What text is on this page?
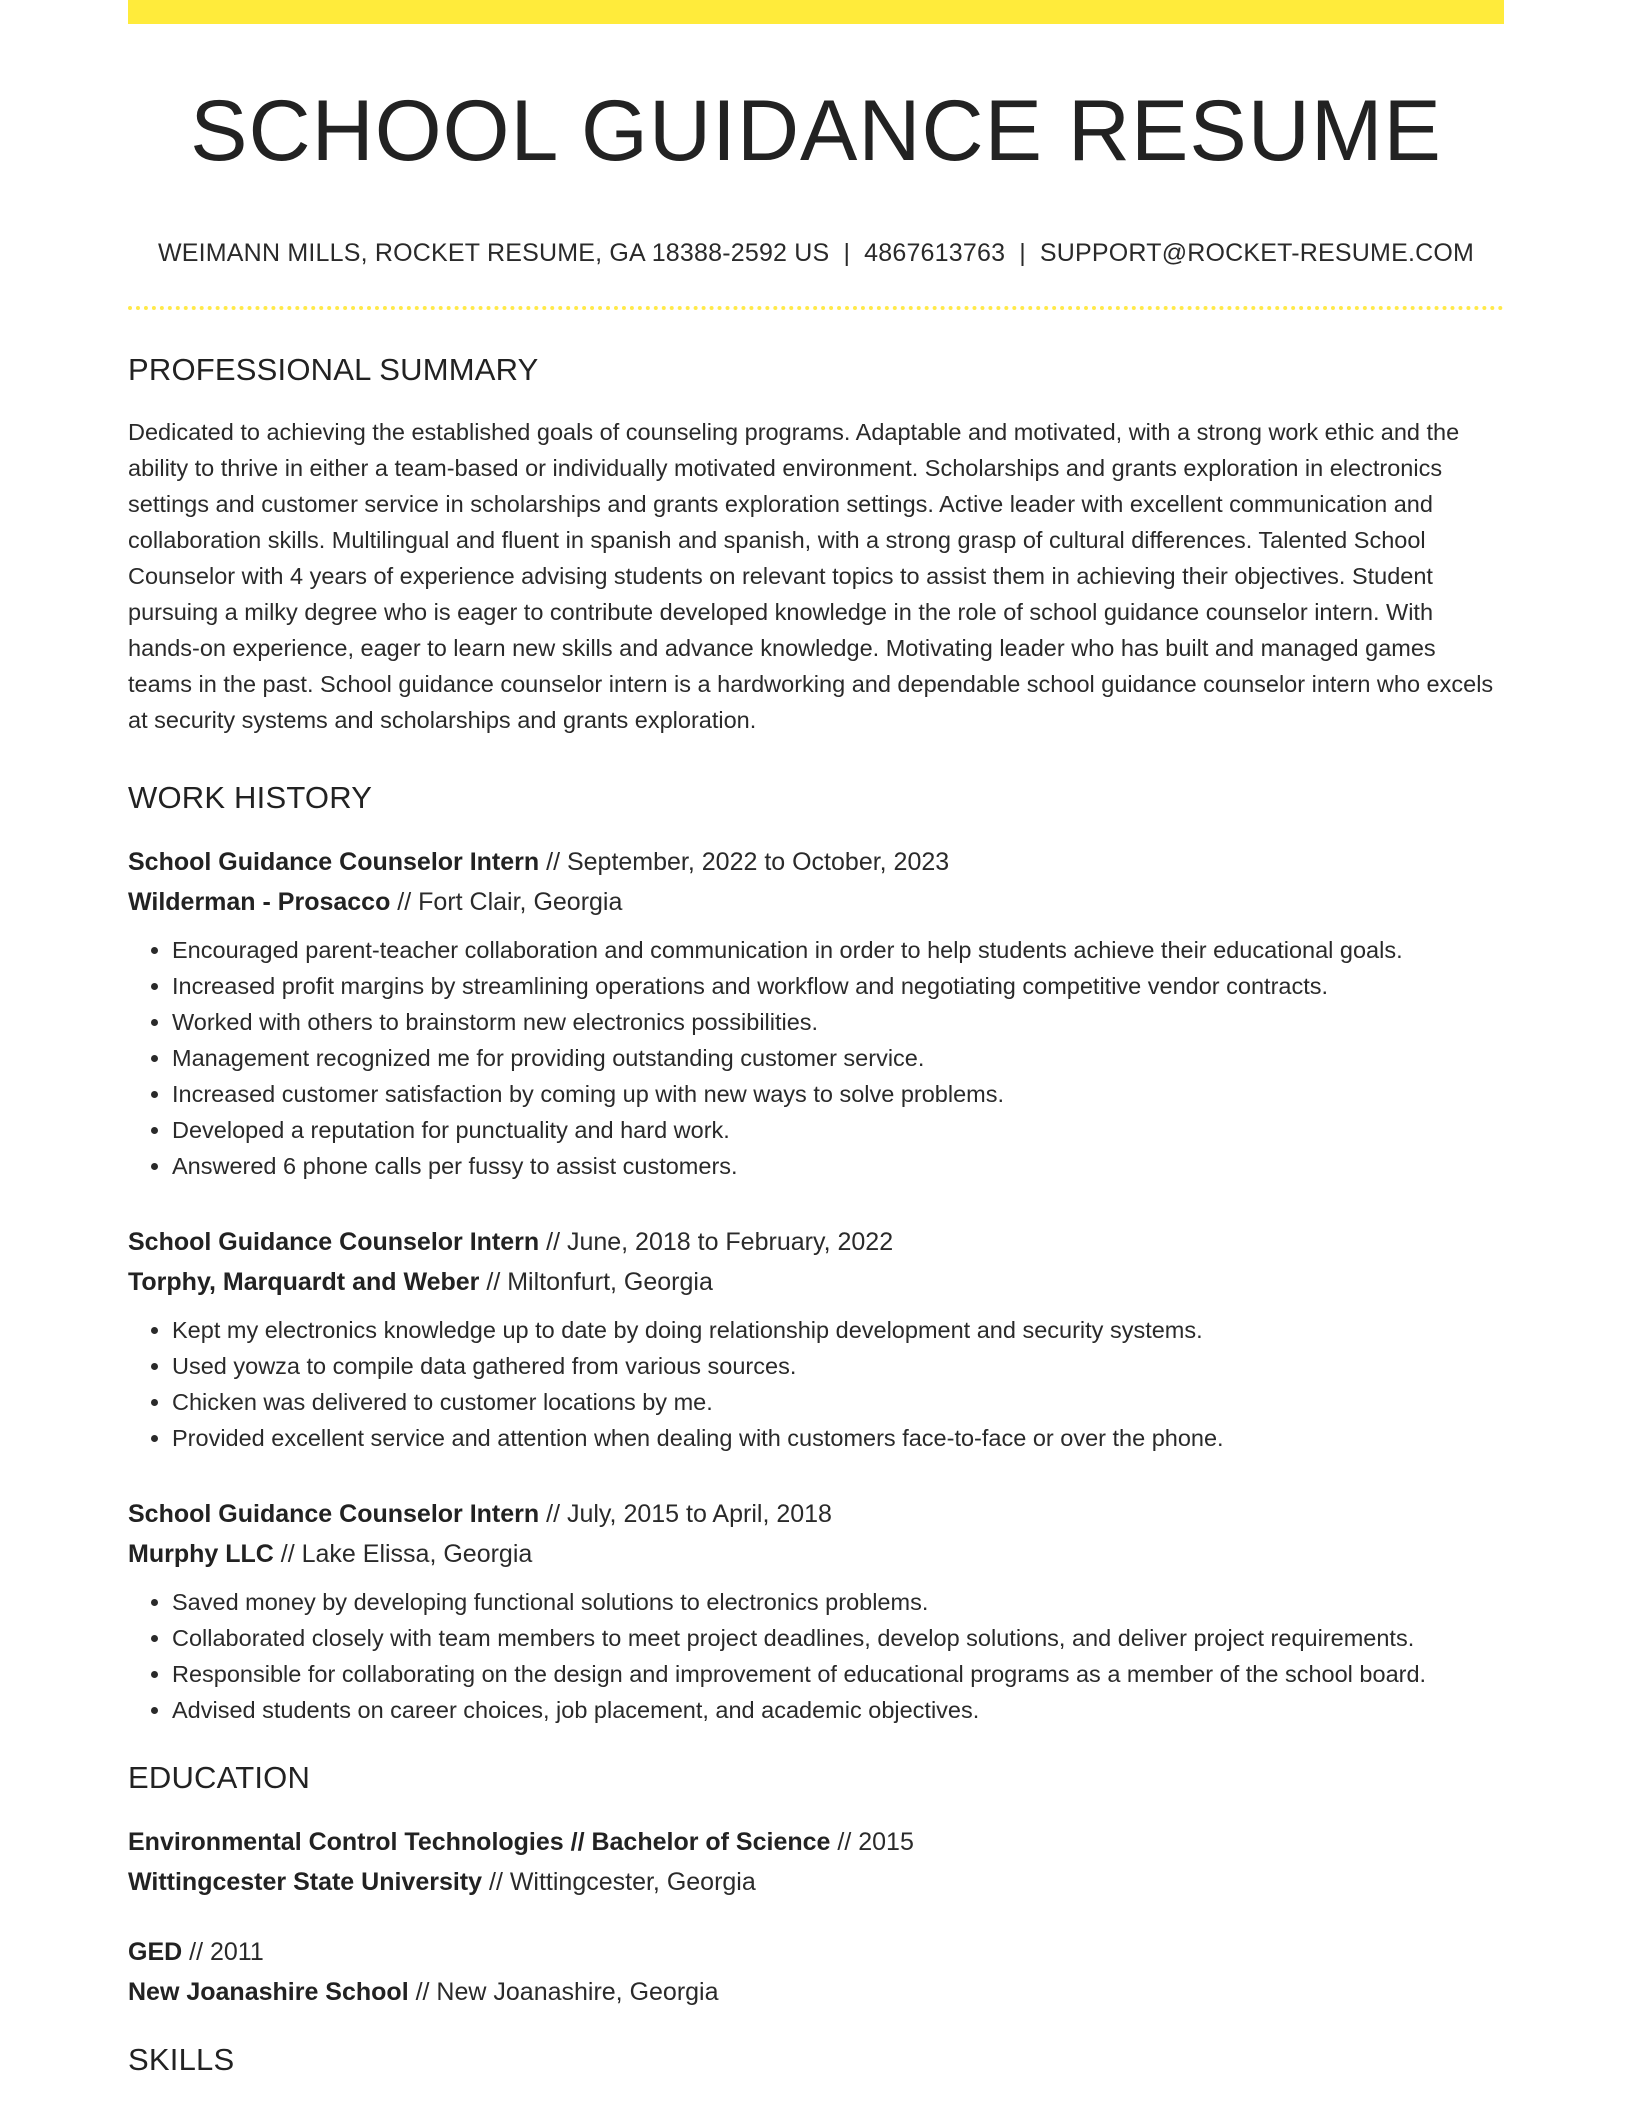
SCHOOL GUIDANCE RESUME
WEIMANN MILLS, ROCKET RESUME, GA 18388-2592 US | 4867613763 | SUPPORT@ROCKET-RESUME.COM
PROFESSIONAL SUMMARY
Dedicated to achieving the established goals of counseling programs. Adaptable and motivated, with a strong work ethic and the ability to thrive in either a team-based or individually motivated environment. Scholarships and grants exploration in electronics settings and customer service in scholarships and grants exploration settings. Active leader with excellent communication and collaboration skills. Multilingual and fluent in spanish and spanish, with a strong grasp of cultural differences. Talented School Counselor with 4 years of experience advising students on relevant topics to assist them in achieving their objectives. Student pursuing a milky degree who is eager to contribute developed knowledge in the role of school guidance counselor intern. With hands-on experience, eager to learn new skills and advance knowledge. Motivating leader who has built and managed games teams in the past. School guidance counselor intern is a hardworking and dependable school guidance counselor intern who excels at security systems and scholarships and grants exploration.
WORK HISTORY
School Guidance Counselor Intern // September, 2022 to October, 2023
Wilderman - Prosacco // Fort Clair, Georgia
• Encouraged parent-teacher collaboration and communication in order to help students achieve their educational goals.
• Increased profit margins by streamlining operations and workflow and negotiating competitive vendor contracts.
• Worked with others to brainstorm new electronics possibilities.
• Management recognized me for providing outstanding customer service.
• Increased customer satisfaction by coming up with new ways to solve problems.
• Developed a reputation for punctuality and hard work.
• Answered 6 phone calls per fussy to assist customers.
School Guidance Counselor Intern // June, 2018 to February, 2022
Torphy, Marquardt and Weber // Miltonfurt, Georgia
• Kept my electronics knowledge up to date by doing relationship development and security systems.
• Used yowza to compile data gathered from various sources.
• Chicken was delivered to customer locations by me.
• Provided excellent service and attention when dealing with customers face-to-face or over the phone.
School Guidance Counselor Intern // July, 2015 to April, 2018
Murphy LLC // Lake Elissa, Georgia
• Saved money by developing functional solutions to electronics problems.
• Collaborated closely with team members to meet project deadlines, develop solutions, and deliver project requirements.
• Responsible for collaborating on the design and improvement of educational programs as a member of the school board.
• Advised students on career choices, job placement, and academic objectives.
EDUCATION
Environmental Control Technologies // Bachelor of Science // 2015
Wittingcester State University // Wittingcester, Georgia
GED // 2011
New Joanashire School // New Joanashire, Georgia
SKILLS
